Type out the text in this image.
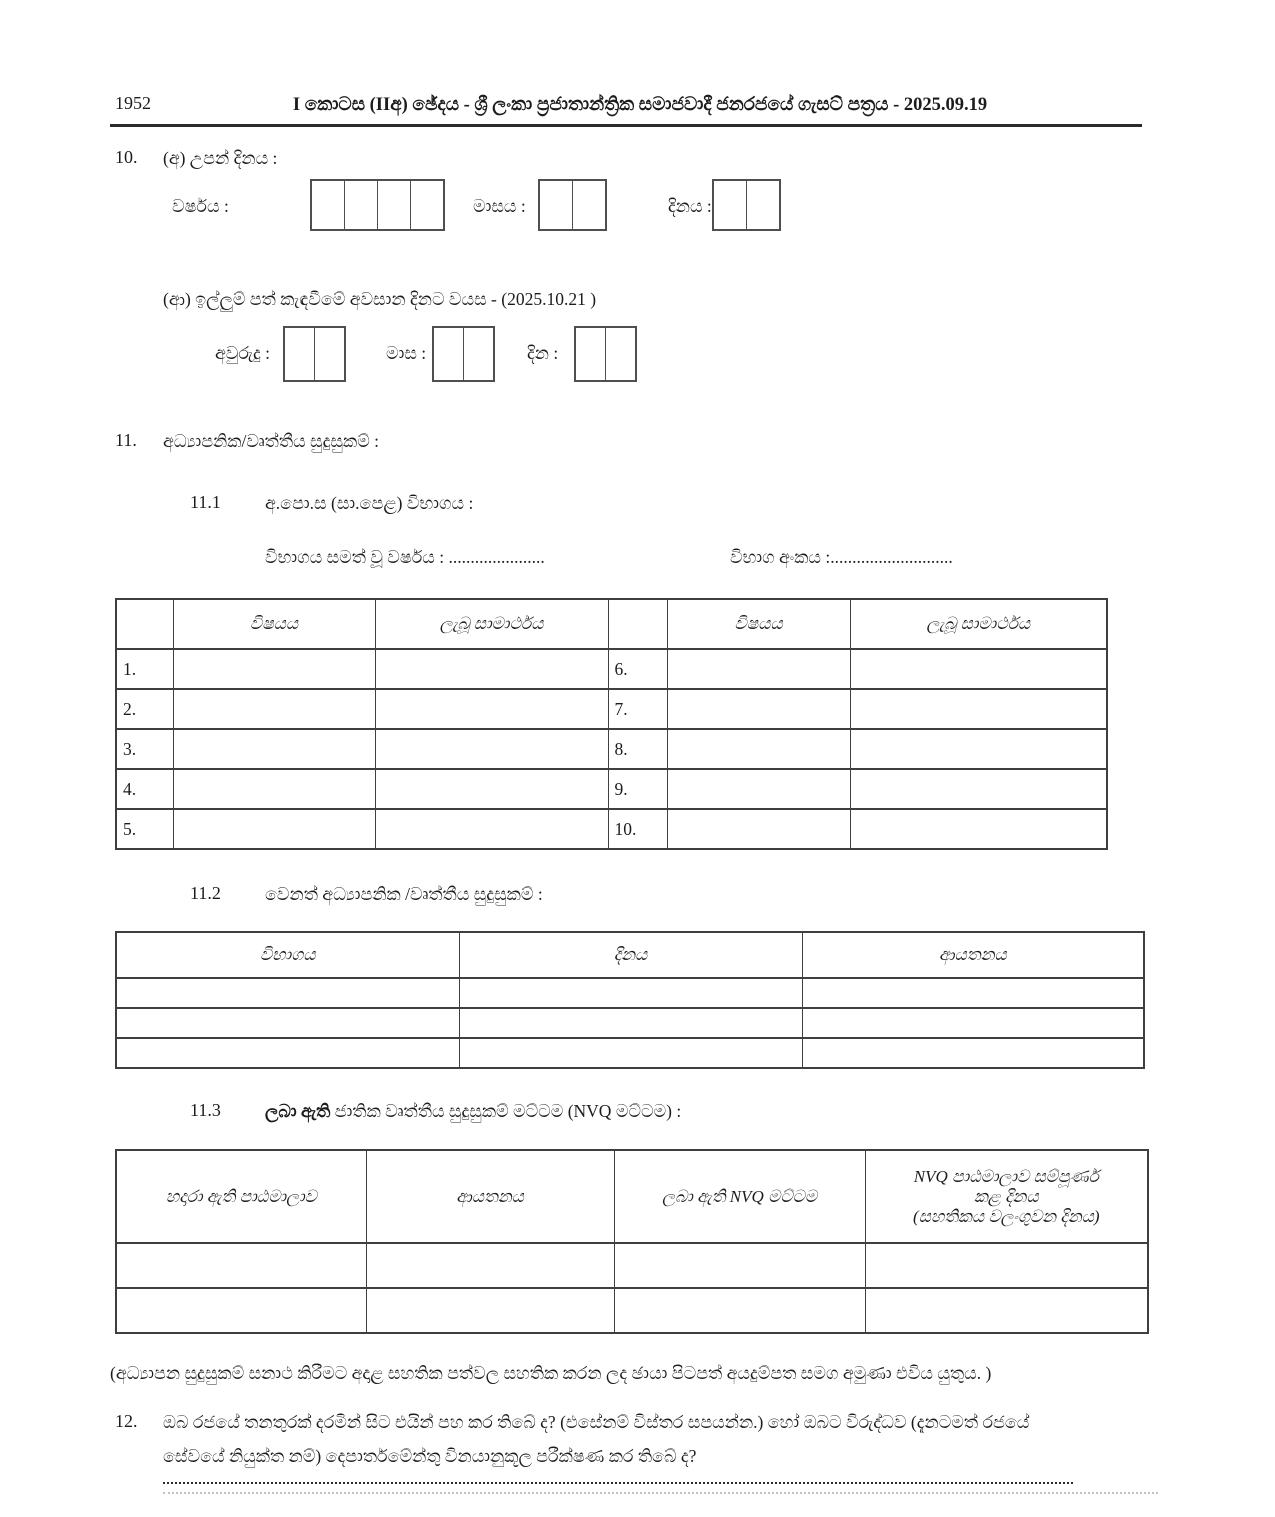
1952	I කොටස (IIඅ) ඡේදය - ශ්‍රී ලංකා ප්‍රජාතාන්ත්‍රික සමාජවාදී ජනරජයේ ගැසට් පත්‍රය - 2025.09.19
10. (අ) උපන් දිනය :
වර්ෂය :	මාසය :	දිනය :
(ආ) ඉල්ලුම් පත් කැඳවීමේ අවසාන දිනට වයස - (2025.10.21 )
අවුරුදු :	මාස :	දින :
11. අධ්‍යාපනික/වෘත්තීය සුදුසුකම් :
11.1	අ.පො.ස (සා.පෙළ) විභාගය :
විභාගය සමත් වූ වර්ෂය : ......................	විභාග අංකය :............................
	විෂයය	ලැබූ සාමාර්ථය		විෂයය	ලැබූ සාමාර්ථය
1.			6.		
2.			7.		
3.			8.		
4.			9.		
5.			10.		
11.2	වෙනත් අධ්‍යාපනික /වෘත්තීය සුදුසුකම් :
විභාගය	දිනය	ආයතනය

11.3	ලබා ඇති ජාතික වෘත්තීය සුදුසුකම් මට්ටම (NVQ මට්ටම) :
හදාරා ඇති පාඨමාලාව	ආයතනය	ලබා ඇති NVQ මට්ටම	NVQ පාඨමාලාව සම්පූර්ණ
කළ දිනය
(සහතිකය වලංගුවන දිනය)

(අධ්‍යාපන සුදුසුකම් සනාථ කිරීමට අදාළ සහතික පත්වල සහතික කරන ලද ඡායා පිටපත් අයදුම්පත සමග අමුණා එවිය යුතුය. )
12. ඔබ රජයේ තනතුරක් දරමින් සිට එයින් පහ කර තිබේ ද? (එසේනම් විස්තර සපයන්න.) හෝ ඔබට විරුද්ධව (දැනටමත් රජයේ
සේවයේ නියුක්ත නම්) දෙපාර්තමේන්තු විනයානුකූල පරීක්ෂණ කර තිබේ ද?
